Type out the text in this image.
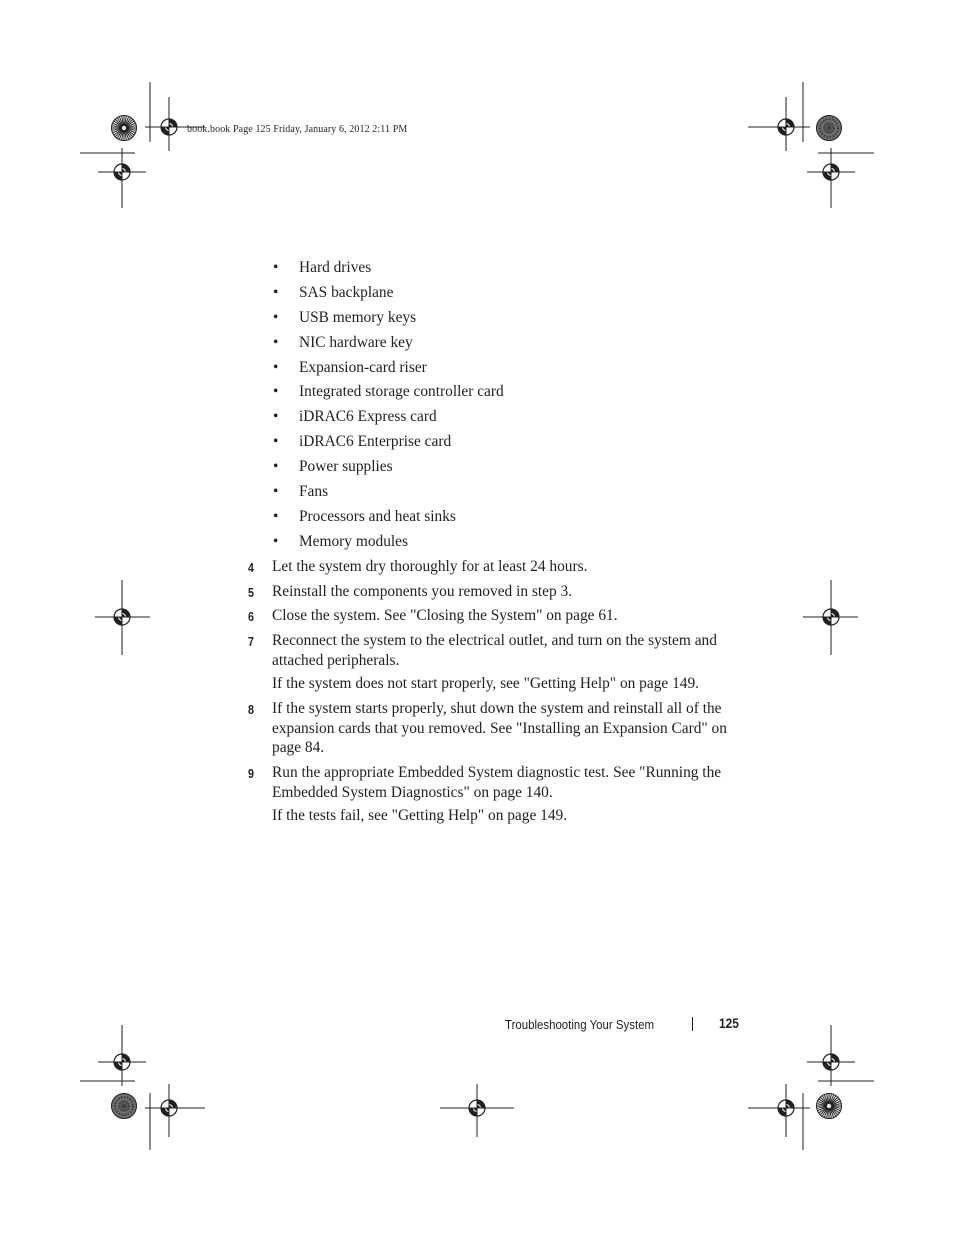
book.book Page 125 Friday, January 6, 2012 2:11 PM
• Hard drives
• SAS backplane
• USB memory keys
• NIC hardware key
• Expansion-card riser
• Integrated storage controller card
• iDRAC6 Express card
• iDRAC6 Enterprise card
• Power supplies
• Fans
• Processors and heat sinks
• Memory modules
4 Let the system dry thoroughly for at least 24 hours.
5 Reinstall the components you removed in step 3.
6 Close the system. See "Closing the System" on page 61.
7 Reconnect the system to the electrical outlet, and turn on the system and attached peripherals.
If the system does not start properly, see "Getting Help" on page 149.
8 If the system starts properly, shut down the system and reinstall all of the expansion cards that you removed. See "Installing an Expansion Card" on page 84.
9 Run the appropriate Embedded System diagnostic test. See "Running the Embedded System Diagnostics" on page 140.
If the tests fail, see "Getting Help" on page 149.
Troubleshooting Your System	125
